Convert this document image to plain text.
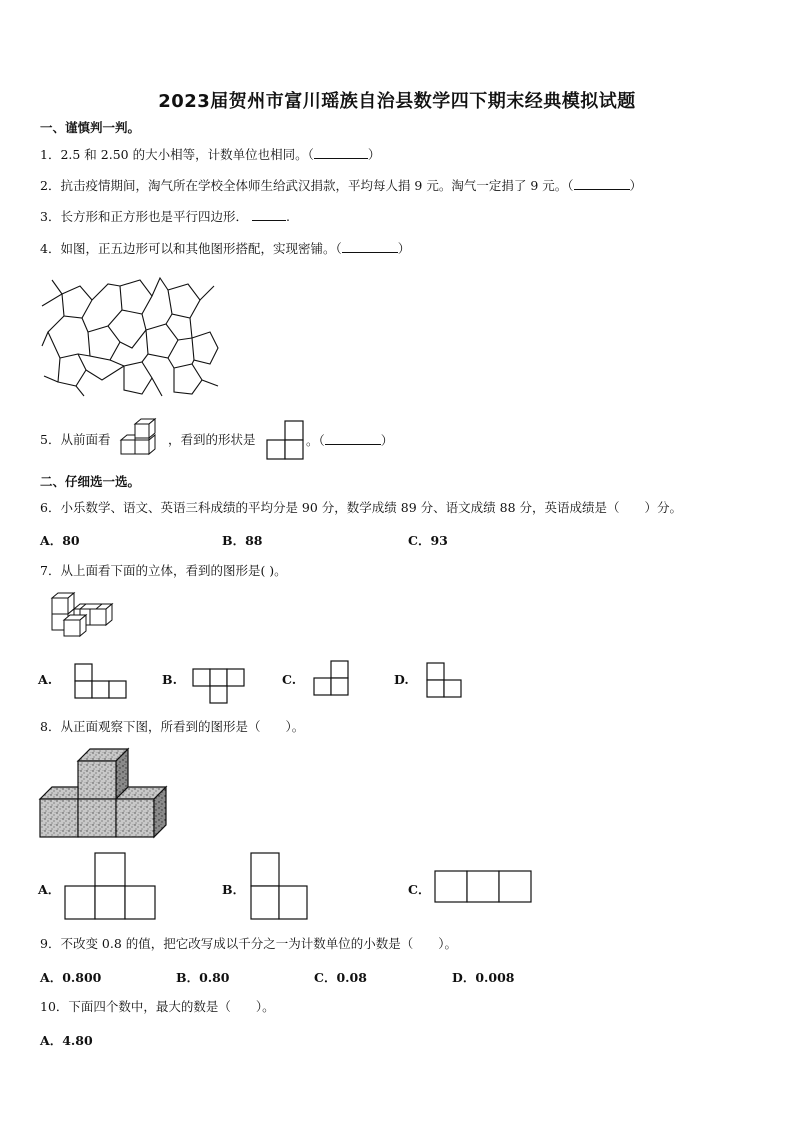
2023届贺州市富川瑶族自治县数学四下期末经典模拟试题
一、谨慎判一判。
1．2.5 和 2.50 的大小相等，计数单位也相同。（	）
2．抗击疫情期间，淘气所在学校全体师生给武汉捐款，平均每人捐 9 元。淘气一定捐了 9 元。（	）
3．长方形和正方形也是平行四边形．	.
4．如图，正五边形可以和其他图形搭配，实现密铺。（	）
5．从前面看	，看到的形状是	。（	）
二、仔细选一选。
6．小乐数学、语文、英语三科成绩的平均分是 90 分，数学成绩 89 分、语文成绩 88 分，英语成绩是（　　）分。
A．80	B．88	C．93
7．从上面看下面的立体，看到的图形是( )。
A.	B.	C.	D.
8．从正面观察下图，所看到的图形是（　　）。
A．	B．	C．
9．不改变 0.8 的值，把它改写成以千分之一为计数单位的小数是（　　）。
A．0.800	B．0.80	C．0.08	D．0.008
10．下面四个数中，最大的数是（　　）。
A．4.80
